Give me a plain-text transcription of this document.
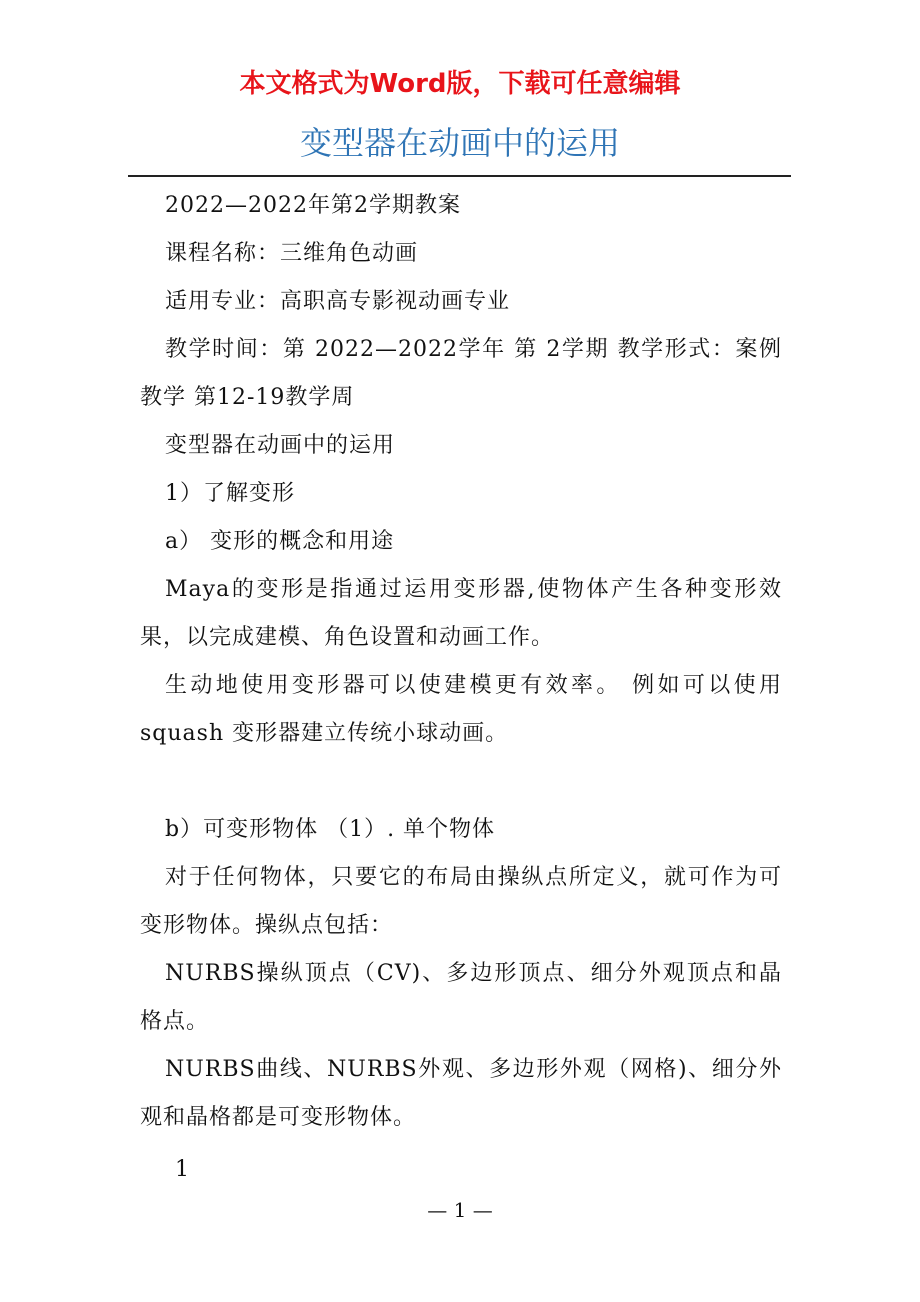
本文格式为Word版，下载可任意编辑
变型器在动画中的运用

2022—2022年第2学期教案

课程名称：三维角色动画

适用专业：高职高专影视动画专业

教学时间：第 2022—2022学年 第 2学期 教学形式：案例教学 第12-19教学周

变型器在动画中的运用

1）了解变形

a） 变形的概念和用途

Maya的变形是指通过运用变形器,使物体产生各种变形效果，以完成建模、角色设置和动画工作。

生动地使用变形器可以使建模更有效率。 例如可以使用squash 变形器建立传统小球动画。

b）可变形物体 （1）. 单个物体

对于任何物体，只要它的布局由操纵点所定义，就可作为可变形物体。操纵点包括：

NURBS操纵顶点（CV)、多边形顶点、细分外观顶点和晶格点。

NURBS曲线、NURBS外观、多边形外观（网格)、细分外观和晶格都是可变形物体。

1
— 1 —
